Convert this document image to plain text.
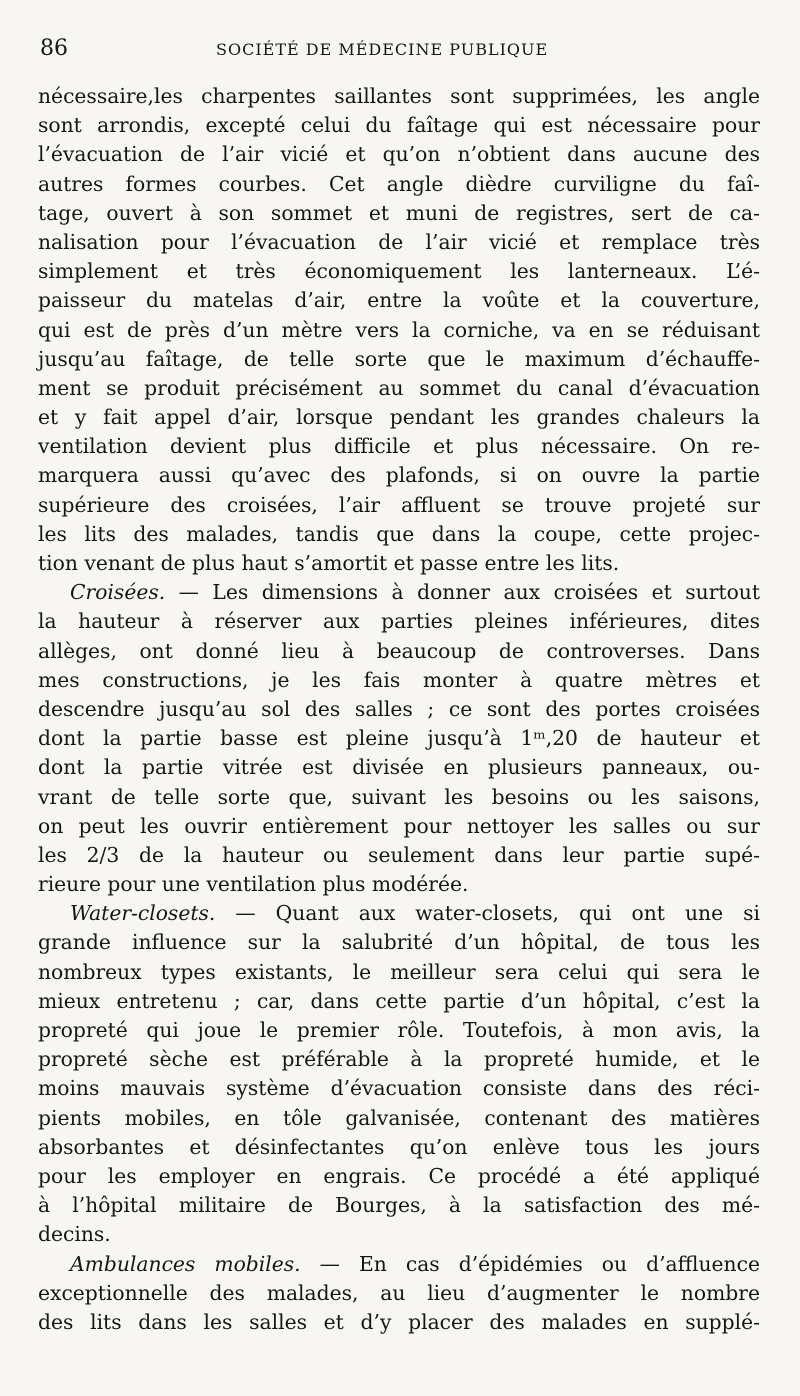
86	SOCIÉTÉ DE MÉDECINE PUBLIQUE
nécessaire,les charpentes saillantes sont supprimées, les angle
sont arrondis, excepté celui du faîtage qui est nécessaire pour
l’évacuation de l’air vicié et qu’on n’obtient dans aucune des
autres formes courbes. Cet angle dièdre curviligne du faî-
tage, ouvert à son sommet et muni de registres, sert de ca-
nalisation pour l’évacuation de l’air vicié et remplace très
simplement et très économiquement les lanterneaux. L’é-
paisseur du matelas d’air, entre la voûte et la couverture,
qui est de près d’un mètre vers la corniche, va en se réduisant
jusqu’au faîtage, de telle sorte que le maximum d’échauffe-
ment se produit précisément au sommet du canal d’évacuation
et y fait appel d’air, lorsque pendant les grandes chaleurs la
ventilation devient plus difficile et plus nécessaire. On re-
marquera aussi qu’avec des plafonds, si on ouvre la partie
supérieure des croisées, l’air affluent se trouve projeté sur
les lits des malades, tandis que dans la coupe, cette projec-
tion venant de plus haut s’amortit et passe entre les lits.
Croisées. — Les dimensions à donner aux croisées et surtout
la hauteur à réserver aux parties pleines inférieures, dites
allèges, ont donné lieu à beaucoup de controverses. Dans
mes constructions, je les fais monter à quatre mètres et
descendre jusqu’au sol des salles ; ce sont des portes croisées
dont la partie basse est pleine jusqu’à 1ᵐ,20 de hauteur et
dont la partie vitrée est divisée en plusieurs panneaux, ou-
vrant de telle sorte que, suivant les besoins ou les saisons,
on peut les ouvrir entièrement pour nettoyer les salles ou sur
les 2/3 de la hauteur ou seulement dans leur partie supé-
rieure pour une ventilation plus modérée.
Water-closets. — Quant aux water-closets, qui ont une si
grande influence sur la salubrité d’un hôpital, de tous les
nombreux types existants, le meilleur sera celui qui sera le
mieux entretenu ; car, dans cette partie d’un hôpital, c’est la
propreté qui joue le premier rôle. Toutefois, à mon avis, la
propreté sèche est préférable à la propreté humide, et le
moins mauvais système d’évacuation consiste dans des réci-
pients mobiles, en tôle galvanisée, contenant des matières
absorbantes et désinfectantes qu’on enlève tous les jours
pour les employer en engrais. Ce procédé a été appliqué
à l’hôpital militaire de Bourges, à la satisfaction des mé-
decins.
Ambulances mobiles. — En cas d’épidémies ou d’affluence
exceptionnelle des malades, au lieu d’augmenter le nombre
des lits dans les salles et d’y placer des malades en supplé-
